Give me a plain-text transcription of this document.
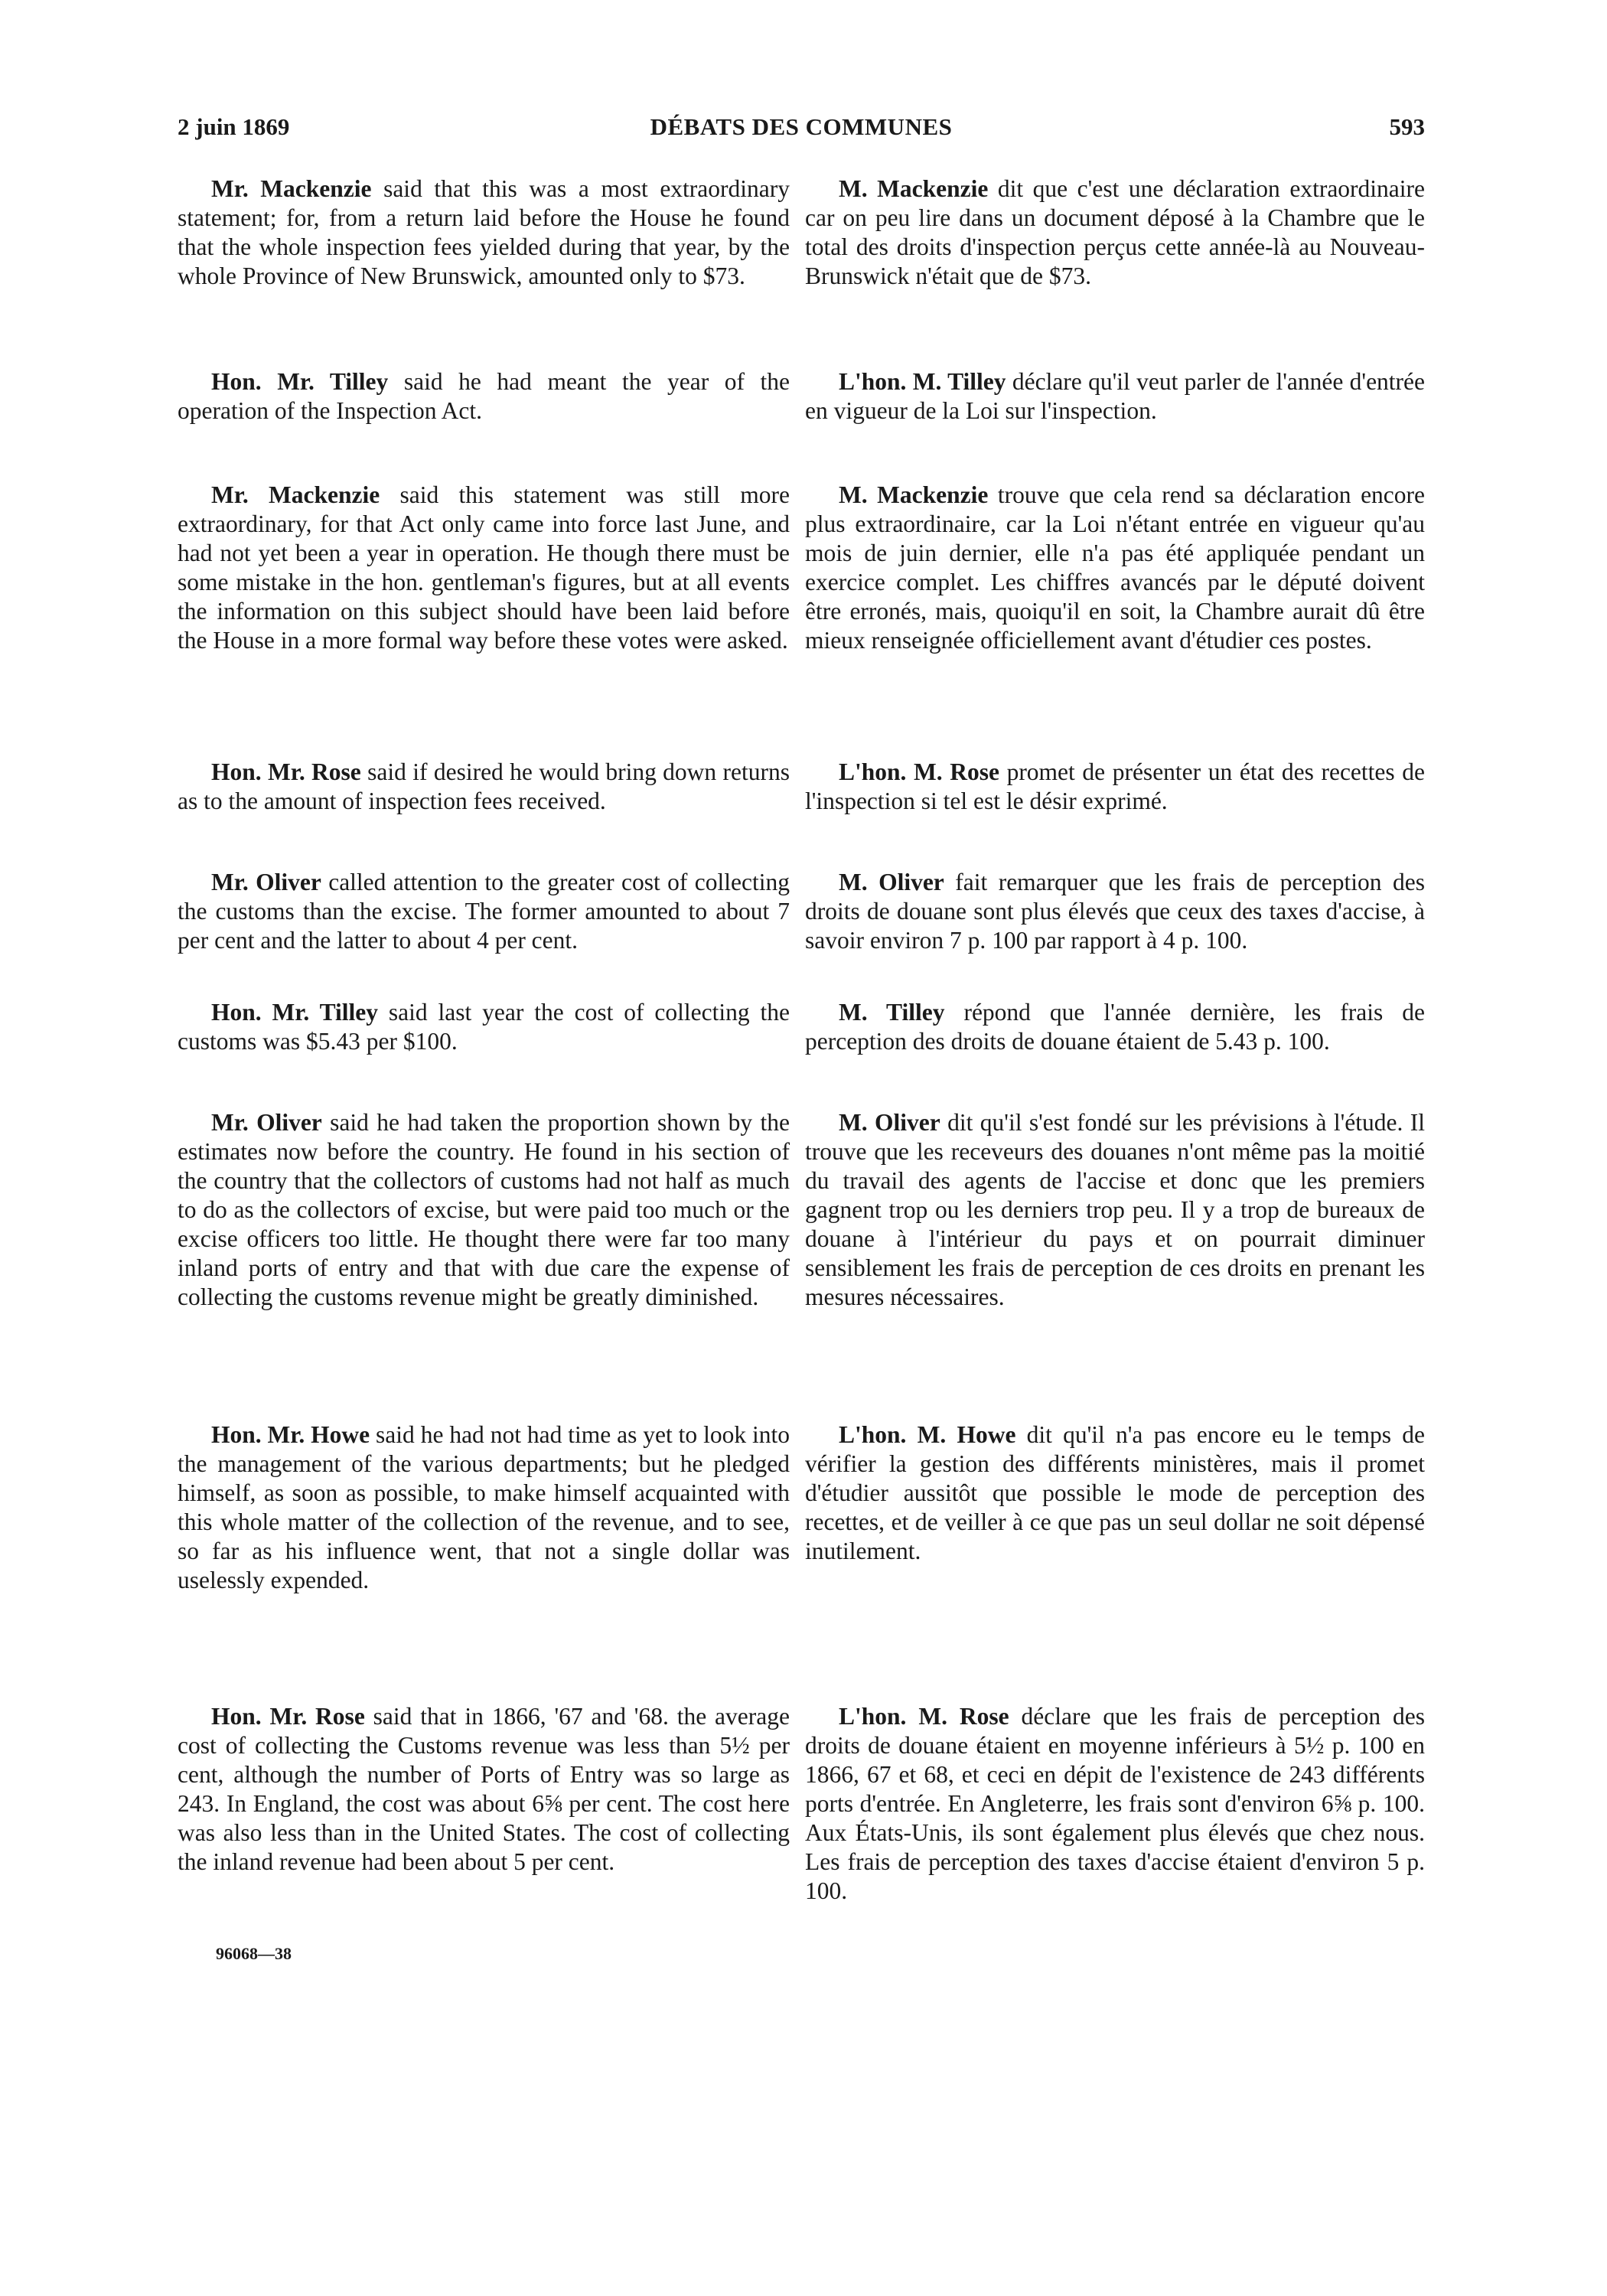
2 juin 1869	DÉBATS DES COMMUNES	593

Mr. Mackenzie said that this was a most extraordinary statement; for, from a return laid before the House he found that the whole inspection fees yielded during that year, by the whole Province of New Brunswick, amounted only to $73.

Hon. Mr. Tilley said he had meant the year of the operation of the Inspection Act.

Mr. Mackenzie said this statement was still more extraordinary, for that Act only came into force last June, and had not yet been a year in operation. He though there must be some mistake in the hon. gentleman's figures, but at all events the information on this subject should have been laid before the House in a more formal way before these votes were asked.

Hon. Mr. Rose said if desired he would bring down returns as to the amount of inspection fees received.

Mr. Oliver called attention to the greater cost of collecting the customs than the excise. The former amounted to about 7 per cent and the latter to about 4 per cent.

Hon. Mr. Tilley said last year the cost of collecting the customs was $5.43 per $100.

Mr. Oliver said he had taken the proportion shown by the estimates now before the country. He found in his section of the country that the collectors of customs had not half as much to do as the collectors of excise, but were paid too much or the excise officers too little. He thought there were far too many inland ports of entry and that with due care the expense of collecting the customs revenue might be greatly diminished.

Hon. Mr. Howe said he had not had time as yet to look into the management of the various departments; but he pledged himself, as soon as possible, to make himself acquainted with this whole matter of the collection of the revenue, and to see, so far as his influence went, that not a single dollar was uselessly expended.

Hon. Mr. Rose said that in 1866, '67 and '68. the average cost of collecting the Customs revenue was less than 5½ per cent, although the number of Ports of Entry was so large as 243. In England, the cost was about 6⅝ per cent. The cost here was also less than in the United States. The cost of collecting the inland revenue had been about 5 per cent.

M. Mackenzie dit que c'est une déclaration extraordinaire car on peu lire dans un document déposé à la Chambre que le total des droits d'inspection perçus cette année-là au Nouveau-Brunswick n'était que de $73.

L'hon. M. Tilley déclare qu'il veut parler de l'année d'entrée en vigueur de la Loi sur l'inspection.

M. Mackenzie trouve que cela rend sa déclaration encore plus extraordinaire, car la Loi n'étant entrée en vigueur qu'au mois de juin dernier, elle n'a pas été appliquée pendant un exercice complet. Les chiffres avancés par le député doivent être erronés, mais, quoiqu'il en soit, la Chambre aurait dû être mieux renseignée officiellement avant d'étudier ces postes.

L'hon. M. Rose promet de présenter un état des recettes de l'inspection si tel est le désir exprimé.

M. Oliver fait remarquer que les frais de perception des droits de douane sont plus élevés que ceux des taxes d'accise, à savoir environ 7 p. 100 par rapport à 4 p. 100.

M. Tilley répond que l'année dernière, les frais de perception des droits de douane étaient de 5.43 p. 100.

M. Oliver dit qu'il s'est fondé sur les prévisions à l'étude. Il trouve que les receveurs des douanes n'ont même pas la moitié du travail des agents de l'accise et donc que les premiers gagnent trop ou les derniers trop peu. Il y a trop de bureaux de douane à l'intérieur du pays et on pourrait diminuer sensiblement les frais de perception de ces droits en prenant les mesures nécessaires.

L'hon. M. Howe dit qu'il n'a pas encore eu le temps de vérifier la gestion des différents ministères, mais il promet d'étudier aussitôt que possible le mode de perception des recettes, et de veiller à ce que pas un seul dollar ne soit dépensé inutilement.

L'hon. M. Rose déclare que les frais de perception des droits de douane étaient en moyenne inférieurs à 5½ p. 100 en 1866, 67 et 68, et ceci en dépit de l'existence de 243 différents ports d'entrée. En Angleterre, les frais sont d'environ 6⅝ p. 100. Aux États-Unis, ils sont également plus élevés que chez nous. Les frais de perception des taxes d'accise étaient d'environ 5 p. 100.

96068—38
